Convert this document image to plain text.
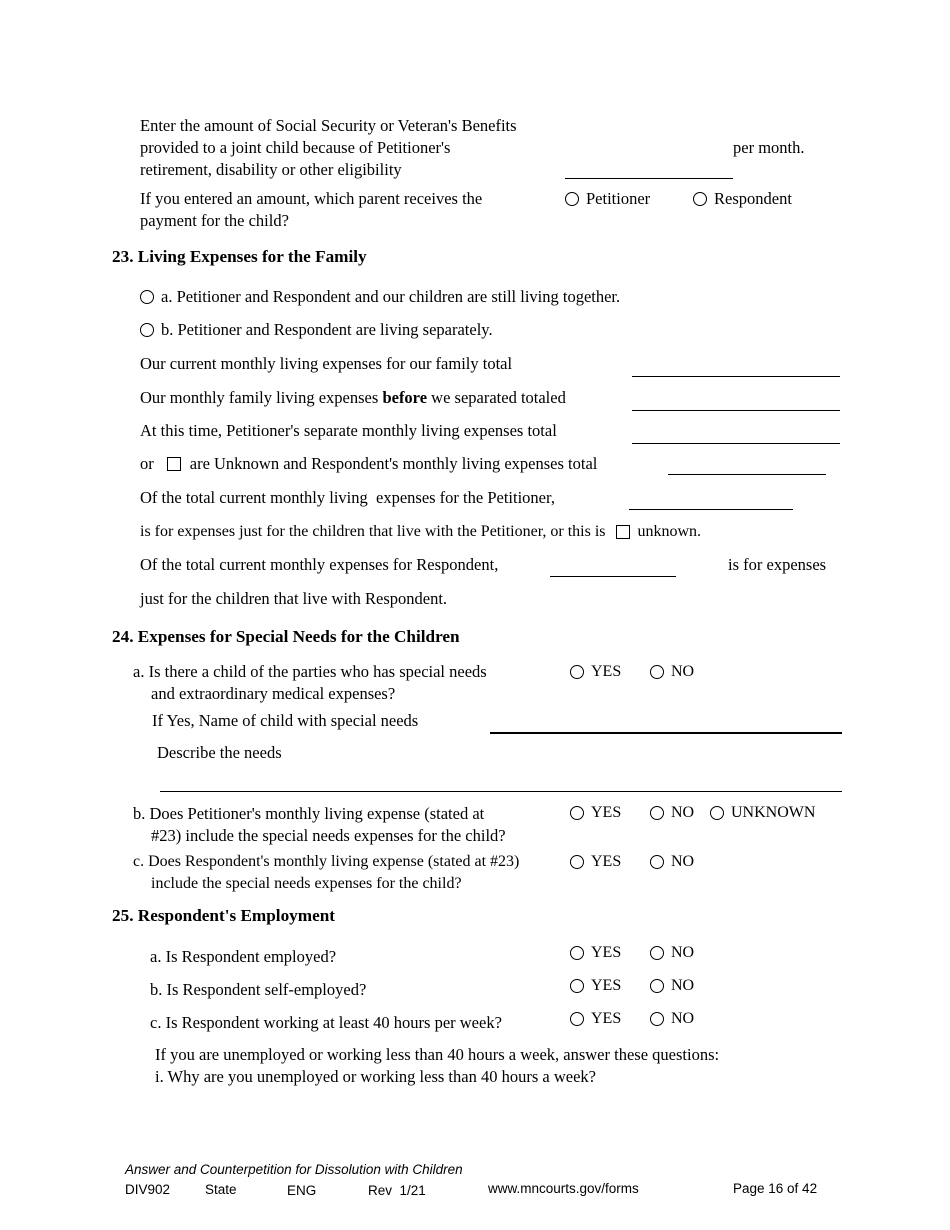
Enter the amount of Social Security or Veteran's Benefits
provided to a joint child because of Petitioner's
retirement, disability or other eligibility
per month.
If you entered an amount, which parent receives the
payment for the child?
Petitioner	Respondent
23. Living Expenses for the Family
a. Petitioner and Respondent and our children are still living together.
b. Petitioner and Respondent are living separately.
Our current monthly living expenses for our family total
Our monthly family living expenses before we separated totaled
At this time, Petitioner's separate monthly living expenses total
or are Unknown and Respondent's monthly living expenses total
Of the total current monthly living  expenses for the Petitioner,
is for expenses just for the children that live with the Petitioner, or this is unknown.
Of the total current monthly expenses for Respondent,	is for expenses
just for the children that live with Respondent.
24. Expenses for Special Needs for the Children
a. Is there a child of the parties who has special needs
and extraordinary medical expenses?
YES	NO
If Yes, Name of child with special needs
Describe the needs
b. Does Petitioner's monthly living expense (stated at
#23) include the special needs expenses for the child?
YES	NO UNKNOWN
c. Does Respondent's monthly living expense (stated at #23)
include the special needs expenses for the child?
YES	NO
25. Respondent's Employment
a. Is Respondent employed?	YES	NO
b. Is Respondent self-employed?	YES	NO
c. Is Respondent working at least 40 hours per week?	YES	NO
If you are unemployed or working less than 40 hours a week, answer these questions:
i. Why are you unemployed or working less than 40 hours a week?
Answer and Counterpetition for Dissolution with Children
DIV902	State	ENG	Rev  1/21	www.mncourts.gov/forms	Page 16 of 42
